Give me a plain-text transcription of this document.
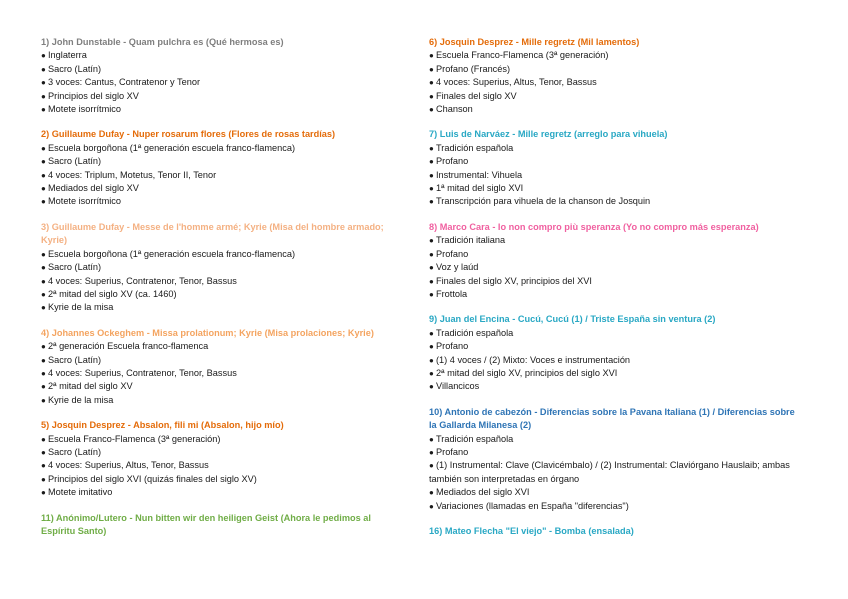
1) John Dunstable - Quam pulchra es (Qué hermosa es)
● Inglaterra
● Sacro (Latín)
● 3 voces: Cantus, Contratenor y Tenor
● Principios del siglo XV
● Motete isorrítmico
2) Guillaume Dufay - Nuper rosarum flores (Flores de rosas tardías)
● Escuela borgoñona (1ª generación escuela franco-flamenca)
● Sacro (Latín)
● 4 voces: Triplum, Motetus, Tenor II, Tenor
● Mediados del siglo XV
● Motete isorrítmico
3) Guillaume Dufay - Messe de l'homme armé; Kyrie (Misa del hombre armado; Kyrie)
● Escuela borgoñona (1ª generación escuela franco-flamenca)
● Sacro (Latín)
● 4 voces: Superius, Contratenor, Tenor, Bassus
● 2ª mitad del siglo XV (ca. 1460)
● Kyrie de la misa
4) Johannes Ockeghem - Missa prolationum; Kyrie (Misa prolaciones; Kyrie)
● 2ª generación Escuela franco-flamenca
● Sacro (Latín)
● 4 voces: Superius, Contratenor, Tenor, Bassus
● 2ª mitad del siglo XV
● Kyrie de la misa
5) Josquin Desprez - Absalon, fili mi (Absalon, hijo mío)
● Escuela Franco-Flamenca (3ª generación)
● Sacro (Latín)
● 4 voces: Superius, Altus, Tenor, Bassus
● Principios del siglo XVI (quizás finales del siglo XV)
● Motete imitativo
11) Anónimo/Lutero - Nun bitten wir den heiligen Geist (Ahora le pedimos al Espíritu Santo)
6) Josquin Desprez - Mille regretz (Mil lamentos)
● Escuela Franco-Flamenca (3ª generación)
● Profano (Francés)
● 4 voces: Superius, Altus, Tenor, Bassus
● Finales del siglo XV
● Chanson
7) Luis de Narváez - Mille regretz (arreglo para vihuela)
● Tradición española
● Profano
● Instrumental: Vihuela
● 1ª mitad del siglo XVI
● Transcripción para vihuela de la chanson de Josquin
8) Marco Cara - Io non compro più speranza (Yo no compro más esperanza)
● Tradición italiana
● Profano
● Voz y laúd
● Finales del siglo XV, principios del XVI
● Frottola
9) Juan del Encina - Cucú, Cucú (1) / Triste España sin ventura (2)
● Tradición española
● Profano
● (1) 4 voces / (2) Mixto: Voces e instrumentación
● 2ª mitad del siglo XV, principios del siglo XVI
● Villancicos
10) Antonio de cabezón - Diferencias sobre la Pavana Italiana (1) / Diferencias sobre la Gallarda Milanesa (2)
● Tradición española
● Profano
● (1) Instrumental: Clave (Clavicémbalo) / (2) Instrumental: Claviórgano Hauslaib; ambas también son interpretadas en órgano
● Mediados del siglo XVI
● Variaciones (llamadas en España "diferencias")
16) Mateo Flecha "El viejo" - Bomba (ensalada)
